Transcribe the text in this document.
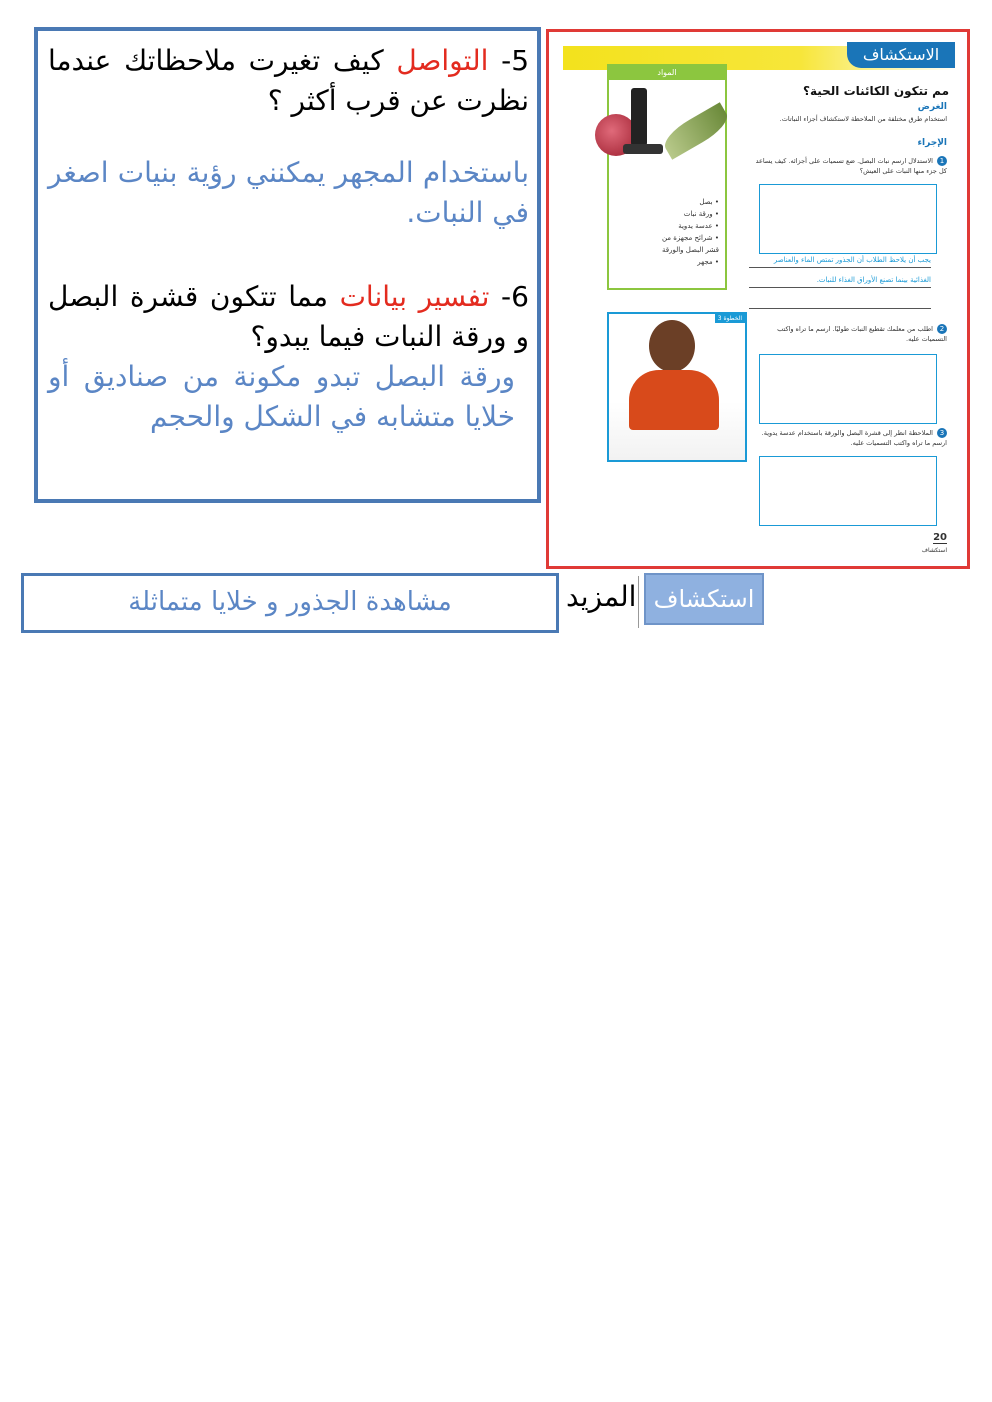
5- التواصل كيف تغيرت ملاحظاتك عندما نظرت عن قرب أكثر ؟

باستخدام المجهر يمكنني رؤية بنيات اصغر في النبات.

6- تفسير بيانات مما تتكون قشرة البصل و ورقة النبات فيما يبدو؟

ورقة البصل تبدو مكونة من صناديق أو خلايا متشابه في الشكل والحجم

الاستكشاف
المواد
• بصل
• ورقة نبات
• عدسة يدوية
• شرائح مجهزة من قشر البصل والورقة
• مجهر
مم تتكون الكائنات الحية؟
الغرض
استخدام طرق مختلفة من الملاحظة لاستكشاف أجزاء النباتات.
الإجراء
1الاستدلال ارسم نبات البصل. ضع تسميات على أجزائه. كيف يساعد كل جزء منها النبات على العيش؟
يجب أن يلاحظ الطلاب أن الجذور تمتص الماء والعناصر
الغذائية بينما تصنع الأوراق الغذاء للنبات.
2اطلب من معلمك تقطيع النبات طوليًا. ارسم ما تراه واكتب التسميات عليه.
3الملاحظة انظر إلى قشرة البصل والورقة باستخدام عدسة يدوية. ارسم ما تراه واكتب التسميات عليه.
الخطوة 3
20
استكشاف
مشاهدة الجذور و خلايا متماثلة	المزيد استكشاف
